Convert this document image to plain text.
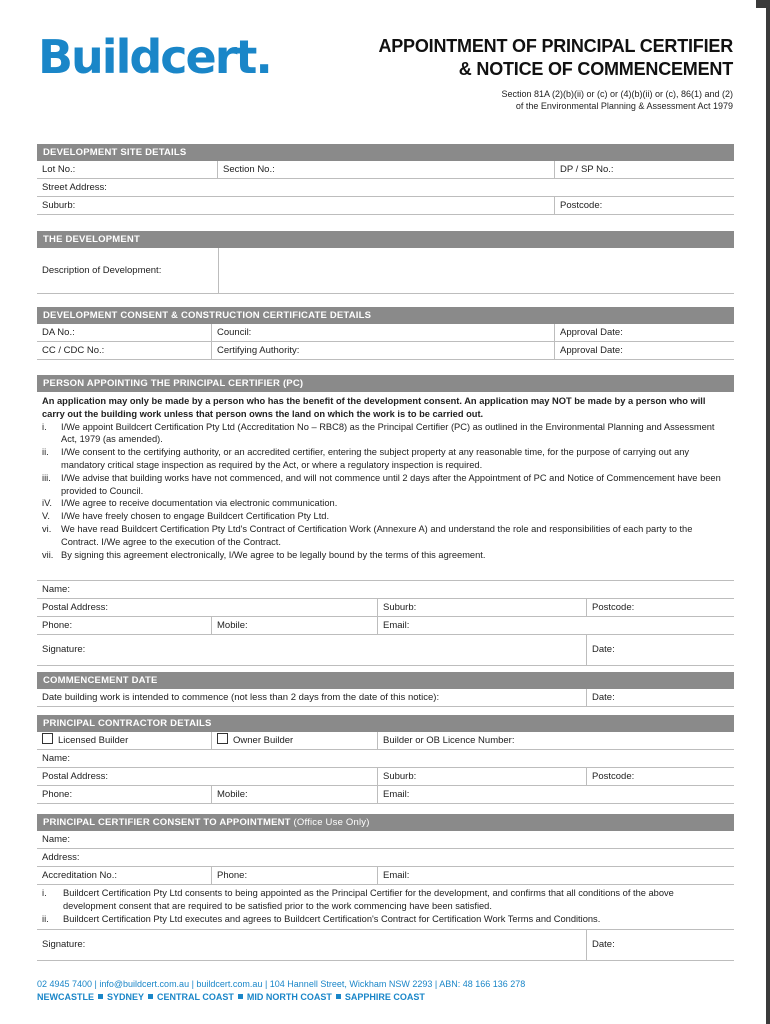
Buildcert.	APPOINTMENT OF PRINCIPAL CERTIFIER
& NOTICE OF COMMENCEMENT
Section 81A (2)(b)(ii) or (c) or (4)(b)(ii) or (c), 86(1) and (2)
of the Environmental Planning & Assessment Act 1979
DEVELOPMENT SITE DETAILS
Lot No.:	Section No.:	DP / SP No.:
Street Address:
Suburb:	Postcode:
THE DEVELOPMENT
Description of Development:
DEVELOPMENT CONSENT & CONSTRUCTION CERTIFICATE DETAILS
DA No.:	Council:	Approval Date:
CC / CDC No.:	Certifying Authority:	Approval Date:
PERSON APPOINTING THE PRINCIPAL CERTIFIER (PC)
An application may only be made by a person who has the benefit of the development consent. An application may NOT be made by a person who will carry out the building work unless that person owns the land on which the work is to be carried out.
i. I/We appoint Buildcert Certification Pty Ltd (Accreditation No – RBC8) as the Principal Certifier (PC) as outlined in the Environmental Planning and Assessment Act, 1979 (as amended).
ii. I/We consent to the certifying authority, or an accredited certifier, entering the subject property at any reasonable time, for the purpose of carrying out any mandatory critical stage inspection as required by the Act, or where a regulatory inspection is required.
iii. I/We advise that building works have not commenced, and will not commence until 2 days after the Appointment of PC and Notice of Commencement have been provided to Council.
iV. I/We agree to receive documentation via electronic communication.
V. I/We have freely chosen to engage Buildcert Certification Pty Ltd.
vi. We have read Buildcert Certification Pty Ltd's Contract of Certification Work (Annexure A) and understand the role and responsibilities of each party to the Contract. I/We agree to the execution of the Contract.
vii. By signing this agreement electronically, I/We agree to be legally bound by the terms of this agreement.
Name:
Postal Address:	Suburb:	Postcode:
Phone:	Mobile:	Email:
Signature:	Date:
COMMENCEMENT DATE
Date building work is intended to commence (not less than 2 days from the date of this notice):	Date:
PRINCIPAL CONTRACTOR DETAILS
Licensed Builder	Owner Builder	Builder or OB Licence Number:
Name:
Postal Address:	Suburb:	Postcode:
Phone:	Mobile:	Email:
PRINCIPAL CERTIFIER CONSENT TO APPOINTMENT (Office Use Only)
Name:
Address:
Accreditation No.:	Phone:	Email:
i. Buildcert Certification Pty Ltd consents to being appointed as the Principal Certifier for the development, and confirms that all conditions of the above development consent that are required to be satisfied prior to the work commencing have been satisfied.
ii. Buildcert Certification Pty Ltd executes and agrees to Buildcert Certification's Contract for Certification Work Terms and Conditions.
Signature:	Date:
02 4945 7400 | info@buildcert.com.au | buildcert.com.au | 104 Hannell Street, Wickham NSW 2293 | ABN: 48 166 136 278
NEWCASTLE SYDNEY CENTRAL COAST MID NORTH COAST SAPPHIRE COAST
